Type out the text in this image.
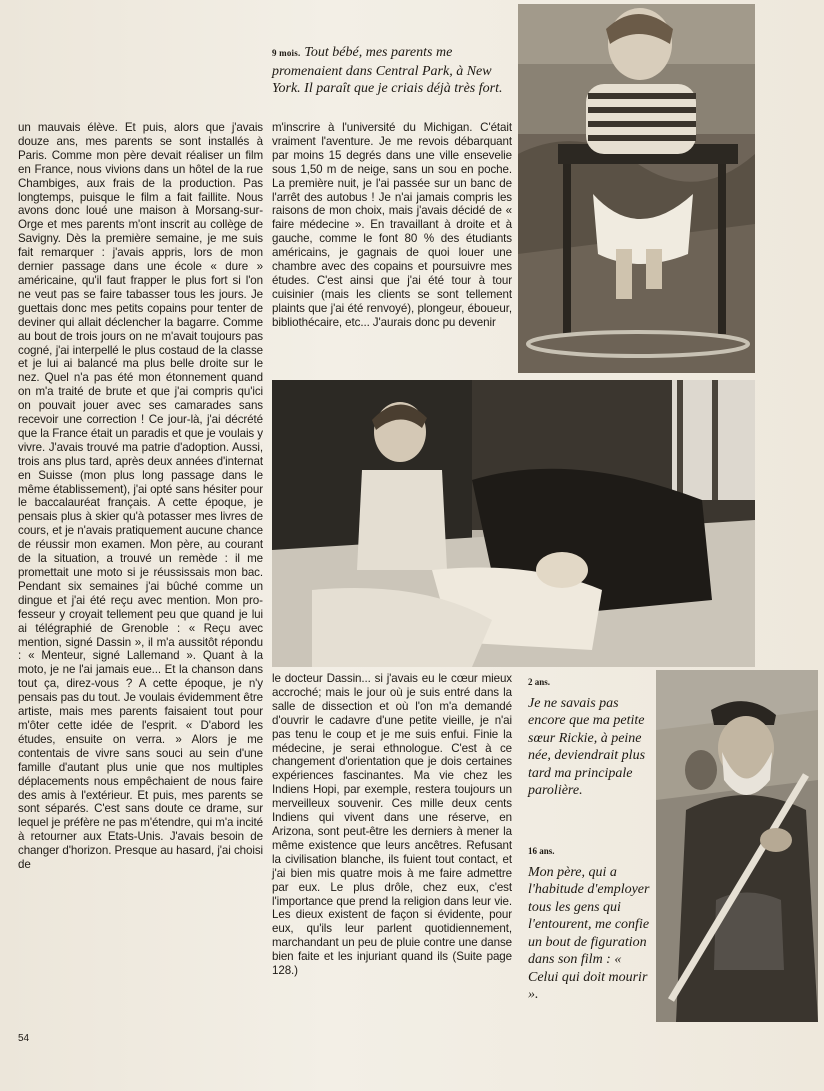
9 mois. Tout bébé, mes parents me promenaient dans Central Park, à New York. Il paraît que je criais déjà très fort.

un mauvais élève. Et puis, alors que j'avais douze ans, mes parents se sont installés à Paris. Comme mon père devait réaliser un film en France, nous vivions dans un hôtel de la rue Chambiges, aux frais de la production. Pas longtemps, puisque le film a fait faillite. Nous avons donc loué une maison à Morsang-sur-Orge et mes parents m'ont inscrit au collège de Savigny. Dès la première semaine, je me suis fait remarquer : j'avais appris, lors de mon dernier passage dans une école « dure » américaine, qu'il faut frapper le plus fort si l'on ne veut pas se faire tabasser tous les jours. Je guettais donc mes petits copains pour tenter de deviner qui allait déclencher la bagarre. Comme au bout de trois jours on ne m'avait toujours pas cogné, j'ai interpellé le plus costaud de la classe et je lui ai balancé ma plus belle droite sur le nez. Quel n'a pas été mon étonnement quand on m'a traité de brute et que j'ai compris qu'ici on pouvait jouer avec ses camarades sans recevoir une correction ! Ce jour-là, j'ai décrété que la France était un paradis et que je voulais y vivre. J'avais trouvé ma patrie d'adoption. Aussi, trois ans plus tard, après deux années d'internat en Suisse (mon plus long passage dans le même établissement), j'ai opté sans hésiter pour le baccalauréat français. A cette époque, je pensais plus à skier qu'à potasser mes livres de cours, et je n'avais pratiquement aucune chance de réussir mon examen. Mon père, au courant de la situation, a trouvé un remède : il me promettait une moto si je réussissais mon bac. Pendant six semaines j'ai bûché comme un dingue et j'ai été reçu avec mention. Mon professeur y croyait tellement peu que quand je lui ai télégraphié de Grenoble : « Reçu avec mention, signé Dassin », il m'a aussitôt répondu : « Menteur, signé Lallemand ». Quant à la moto, je ne l'ai jamais eue... Et la chanson dans tout ça, direz-vous ? A cette époque, je n'y pensais pas du tout. Je voulais évidemment être artiste, mais mes parents faisaient tout pour m'ôter cette idée de l'esprit. « D'abord les études, ensuite on verra. » Alors je me contentais de vivre sans souci au sein d'une famille d'autant plus unie que nos multiples déplacements nous empêchaient de nous faire des amis à l'extérieur. Et puis, mes parents se sont séparés. C'est sans doute ce drame, sur lequel je préfère ne pas m'étendre, qui m'a incité à retourner aux Etats-Unis. J'avais besoin de changer d'horizon. Presque au hasard, j'ai choisi de

m'inscrire à l'université du Michigan. C'était vraiment l'aventure. Je me revois débarquant par moins 15 degrés dans une ville ensevelie sous 1,50 m de neige, sans un sou en poche. La première nuit, je l'ai passée sur un banc de l'arrêt des autobus ! Je n'ai jamais compris les raisons de mon choix, mais j'avais décidé de « faire médecine ». En travaillant à droite et à gauche, comme le font 80 % des étudiants américains, je gagnais de quoi louer une chambre avec des copains et poursuivre mes études. C'est ainsi que j'ai été tour à tour cuisinier (mais les clients se sont tellement plaints que j'ai été renvoyé), plongeur, éboueur, bibliothécaire, etc... J'aurais donc pu devenir

le docteur Dassin... si j'avais eu le cœur mieux accroché; mais le jour où je suis entré dans la salle de dissection et où l'on m'a demandé d'ouvrir le cadavre d'une petite vieille, je n'ai pas tenu le coup et je me suis enfui. Finie la médecine, je serai ethnologue. C'est à ce changement d'orientation que je dois certaines expériences fascinantes. Ma vie chez les Indiens Hopi, par exemple, restera toujours un merveilleux souvenir. Ces mille deux cents Indiens qui vivent dans une réserve, en Arizona, sont peut-être les derniers à mener la même existence que leurs ancêtres. Refusant la civilisation blanche, ils fuient tout contact, et j'ai bien mis quatre mois à me faire admettre par eux. Le plus drôle, chez eux, c'est l'importance que prend la religion dans leur vie. Les dieux existent de façon si évidente, pour eux, qu'ils leur parlent quotidiennement, marchandant un peu de pluie contre une danse bien faite et les injuriant quand ils (Suite page 128.)

2 ans.
Je ne savais pas encore que ma petite sœur Rickie, à peine née, deviendrait plus tard ma principale parolière.
16 ans.
Mon père, qui a l'habitude d'employer tous les gens qui l'entourent, me confie un bout de figuration dans son film : « Celui qui doit mourir ».
54
